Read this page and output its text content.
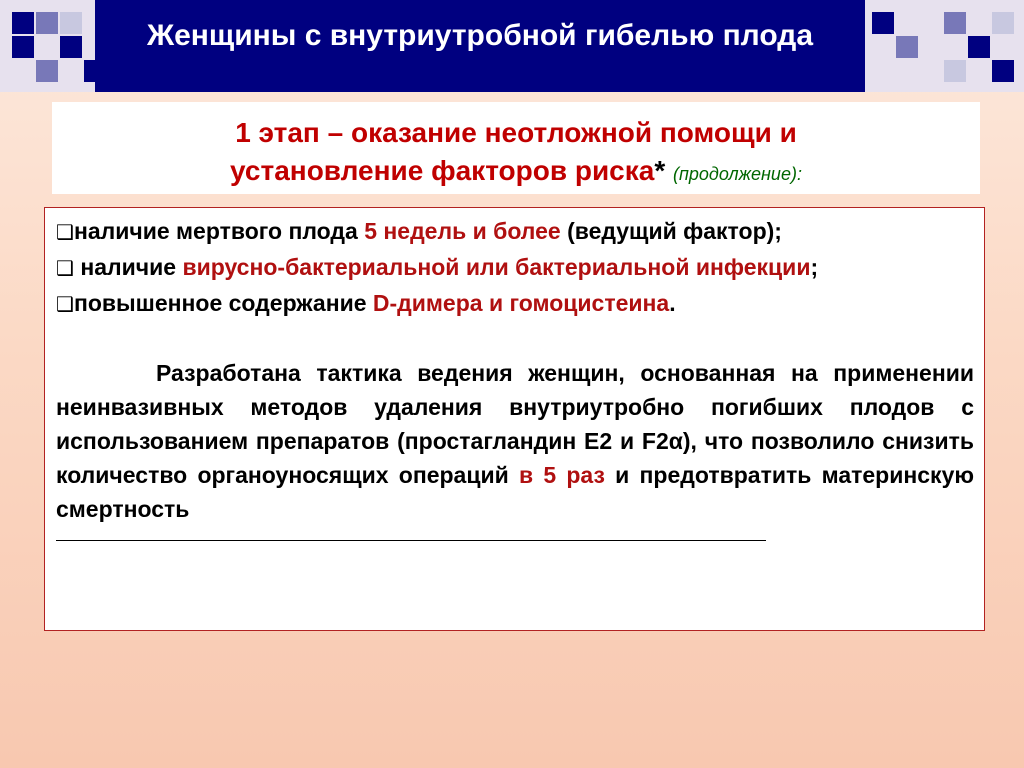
Женщины с внутриутробной гибелью плода
1 этап – оказание неотложной помощи и
установление факторов риска* (продолжение):
❑наличие мертвого плода 5 недель и более (ведущий фактор);
❑ наличие вирусно-бактериальной или бактериальной инфекции;
❑повышенное содержание D-димера и гомоцистеина.
Разработана тактика ведения женщин, основанная на применении неинвазивных методов удаления внутриутробно погибших плодов с использованием препаратов (простагландин Е2 и F2α), что позволило снизить количество органоуносящих операций в 5 раз и предотвратить материнскую смертность
